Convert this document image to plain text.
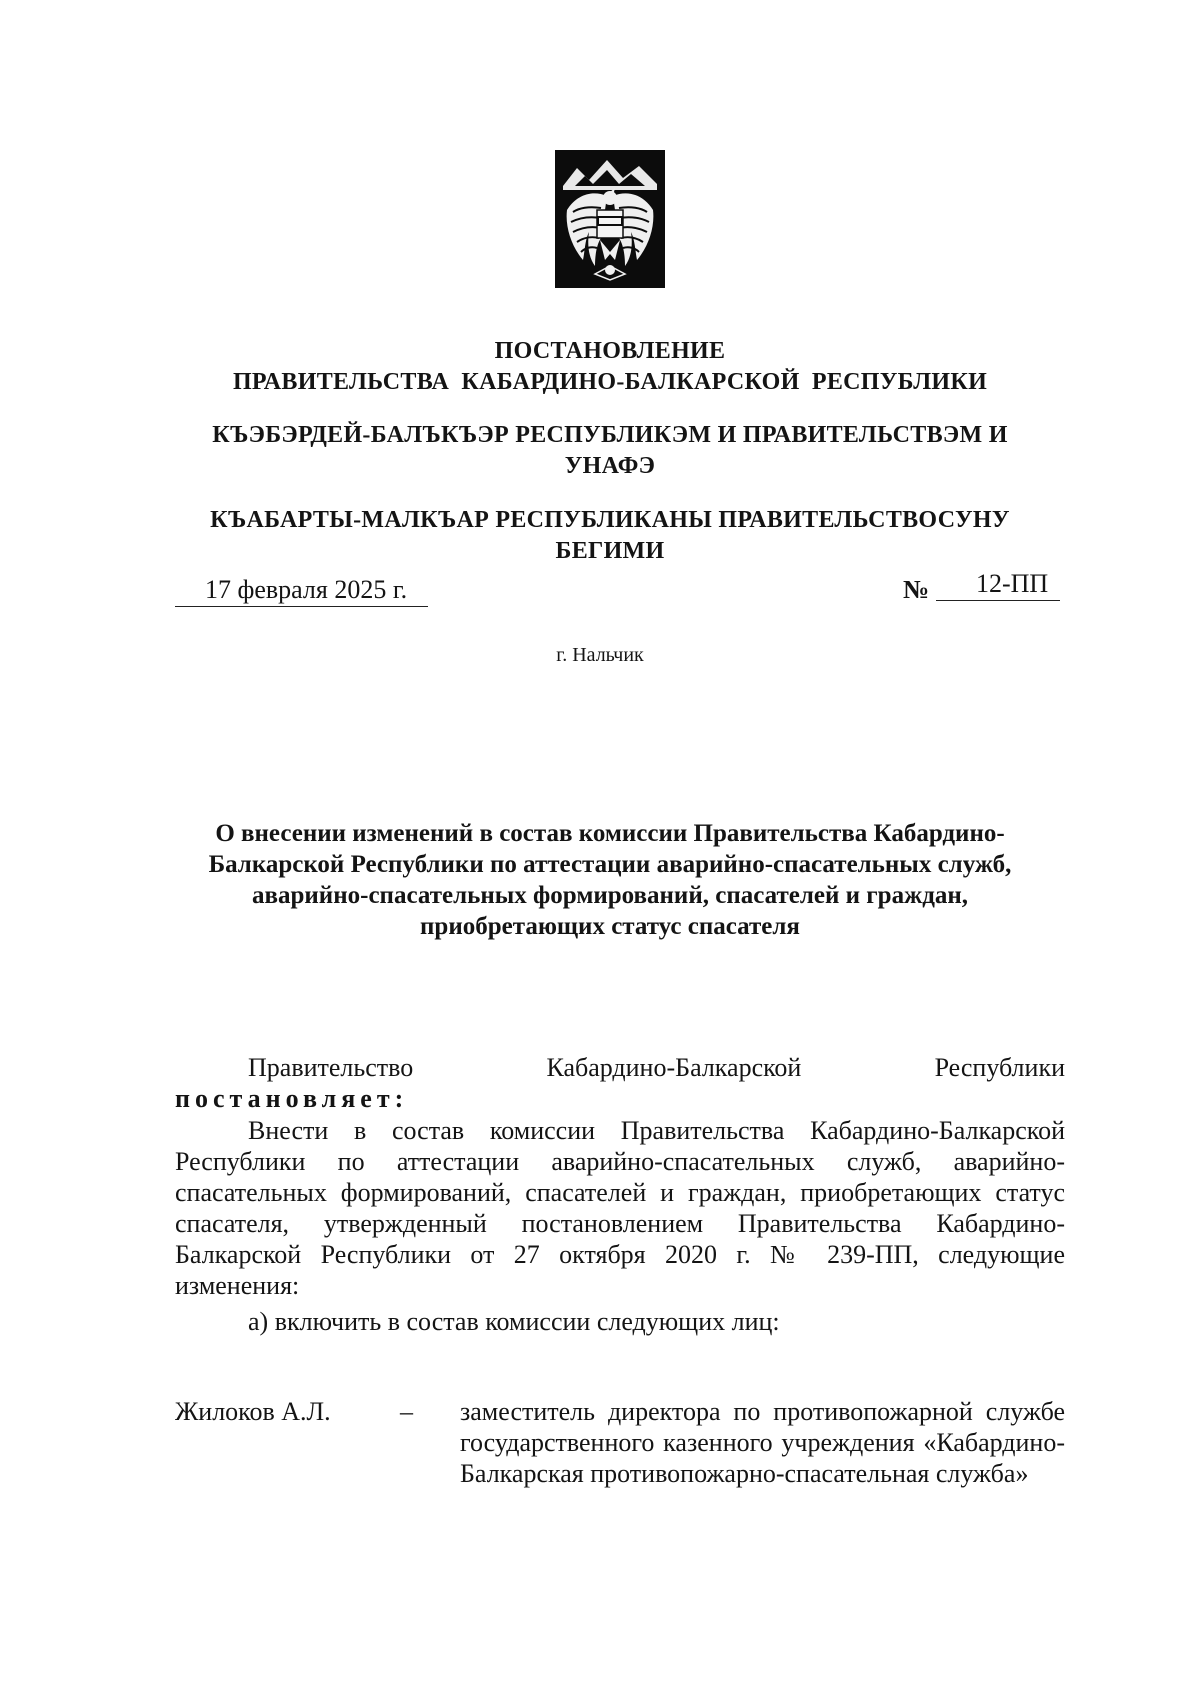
ПОСТАНОВЛЕНИЕ
ПРАВИТЕЛЬСТВА КАБАРДИНО-БАЛКАРСКОЙ РЕСПУБЛИКИ
КЪЭБЭРДЕЙ-БАЛЪКЪЭР РЕСПУБЛИКЭМ И ПРАВИТЕЛЬСТВЭМ И УНАФЭ
КЪАБАРТЫ-МАЛКЪАР РЕСПУБЛИКАНЫ ПРАВИТЕЛЬСТВОСУНУ БЕГИМИ
17 февраля 2025 г.	№	12-ПП
г. Нальчик
О внесении изменений в состав комиссии Правительства Кабардино-Балкарской Республики по аттестации аварийно-спасательных служб, аварийно-спасательных формирований, спасателей и граждан, приобретающих статус спасателя
Правительство	Кабардино-Балкарской	Республики
постановляет:
Внести в состав комиссии Правительства Кабардино-Балкарской Республики по аттестации аварийно-спасательных служб, аварийно-спасательных формирований, спасателей и граждан, приобретающих статус спасателя, утвержденный постановлением Правительства Кабардино-Балкарской Республики от 27 октября 2020 г. № 239-ПП, следующие изменения:
а) включить в состав комиссии следующих лиц:
Жилоков А.Л.	– заместитель директора по противопожарной службе государственного казенного учреждения «Кабардино-Балкарская противопожарно-спасательная служба»
